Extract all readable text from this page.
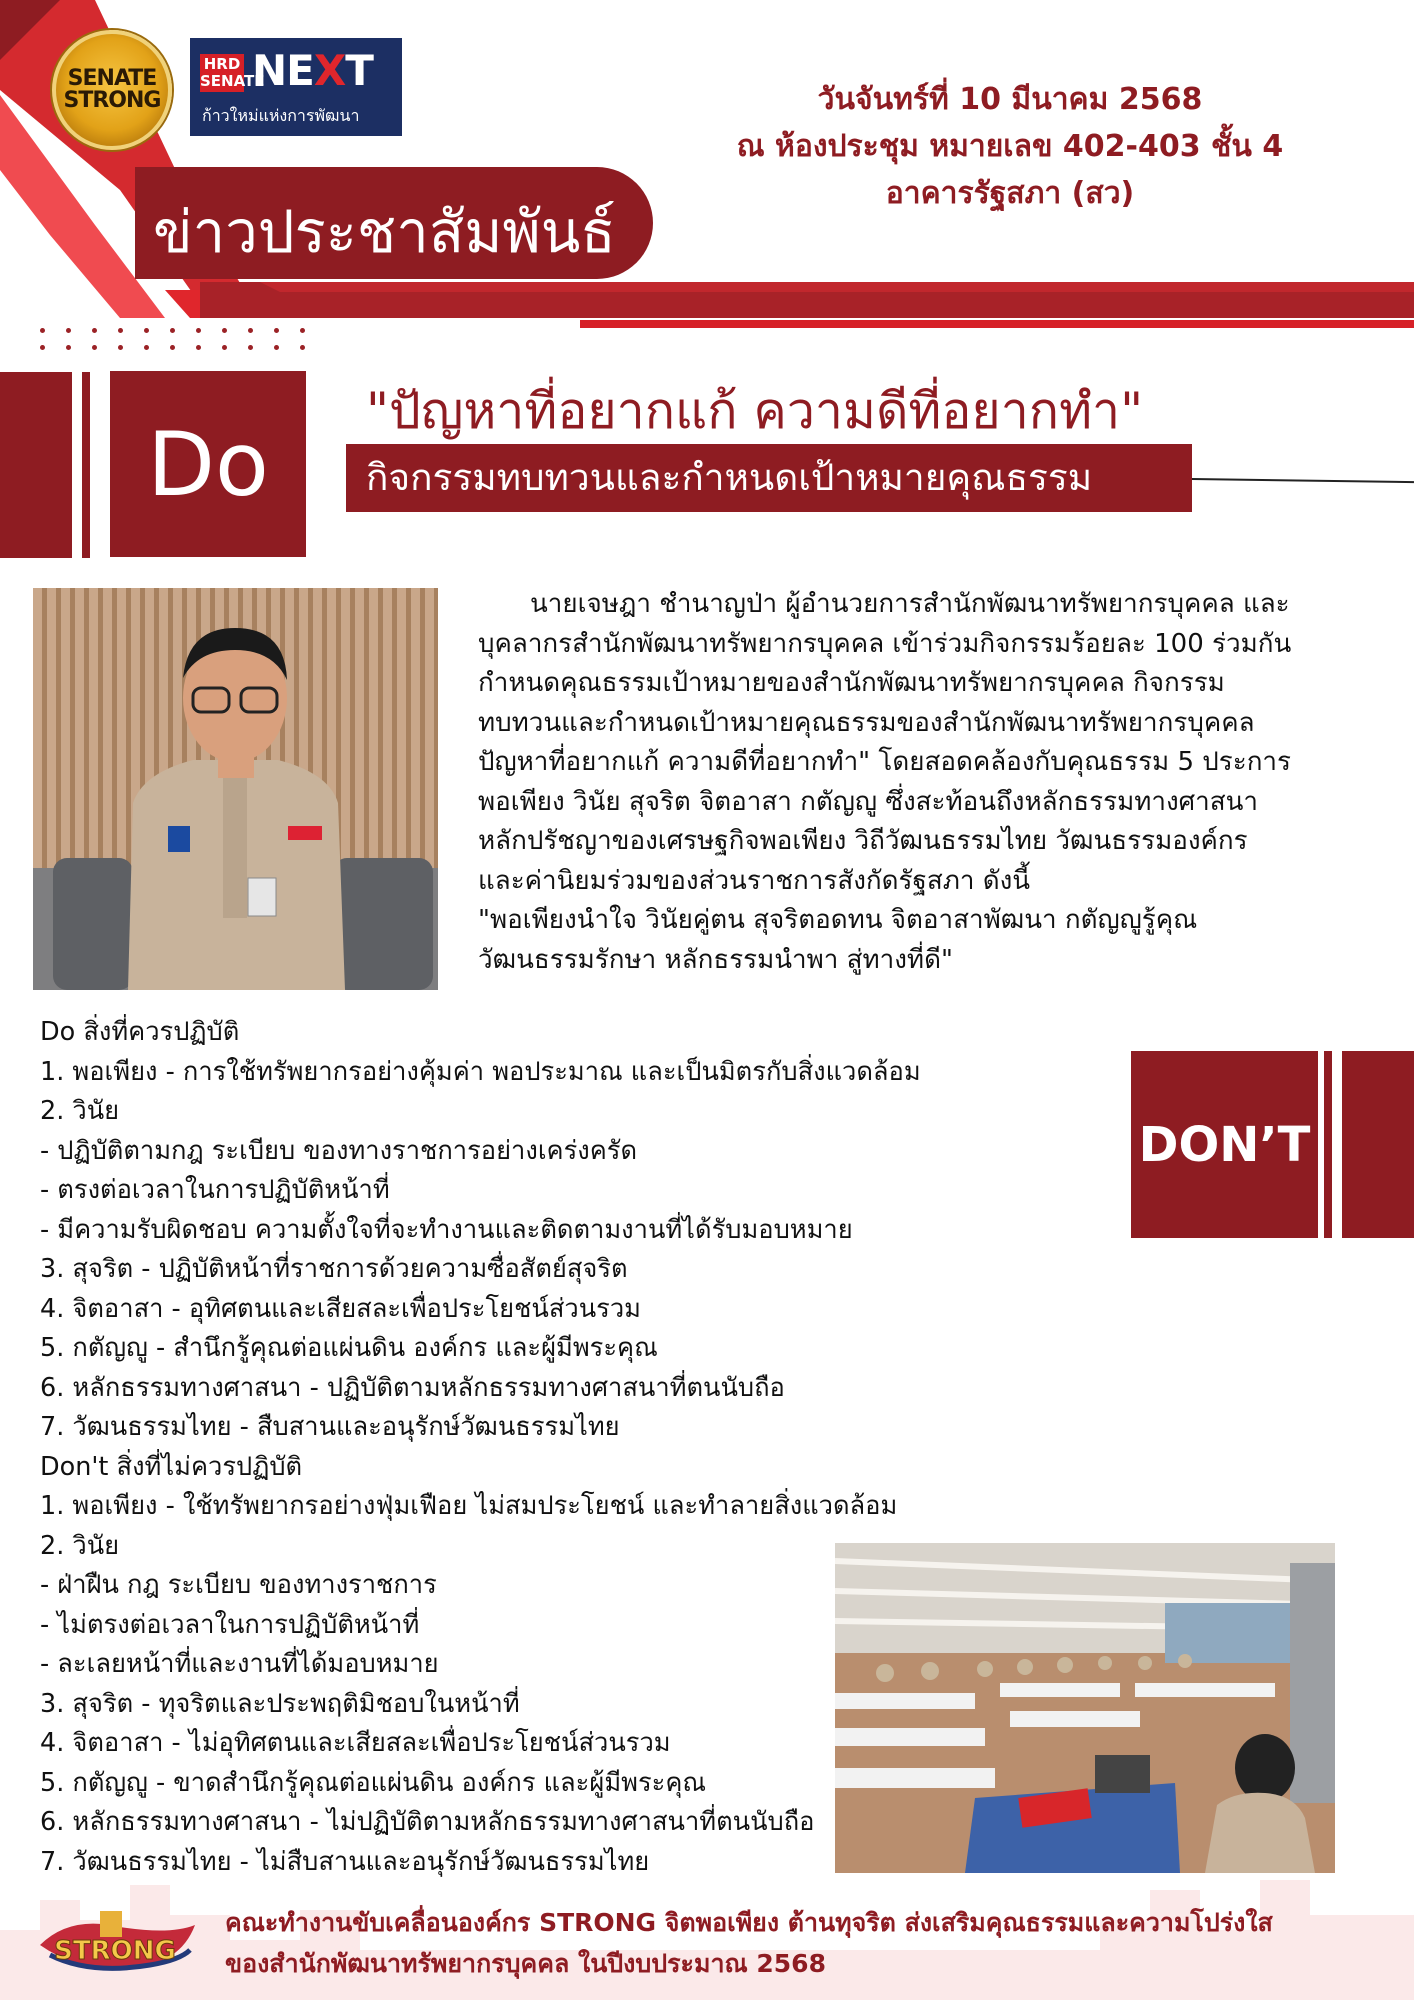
SENATE
STRONG
HRD SENATE
NEXT
ก้าวใหม่แห่งการพัฒนา
ข่าวประชาสัมพันธ์
วันจันทร์ที่ 10 มีนาคม 2568
ณ ห้องประชุม หมายเลข 402-403 ชั้น 4
อาคารรัฐสภา (สว)
Do
"ปัญหาที่อยากแก้ ความดีที่อยากทำ"
กิจกรรมทบทวนและกำหนดเป้าหมายคุณธรรม

นายเจษฎา ชำนาญป่า ผู้อำนวยการสำนักพัฒนาทรัพยากรบุคคล และ

บุคลากรสำนักพัฒนาทรัพยากรบุคคล เข้าร่วมกิจกรรมร้อยละ 100 ร่วมกัน

กำหนดคุณธรรมเป้าหมายของสำนักพัฒนาทรัพยากรบุคคล กิจกรรม

ทบทวนและกำหนดเป้าหมายคุณธรรมของสำนักพัฒนาทรัพยากรบุคคล

ปัญหาที่อยากแก้ ความดีที่อยากทำ" โดยสอดคล้องกับคุณธรรม 5 ประการ

พอเพียง วินัย สุจริต จิตอาสา กตัญญู ซึ่งสะท้อนถึงหลักธรรมทางศาสนา

หลักปรัชญาของเศรษฐกิจพอเพียง วิถีวัฒนธรรมไทย วัฒนธรรมองค์กร

และค่านิยมร่วมของส่วนราชการสังกัดรัฐสภา ดังนี้

"พอเพียงนำใจ วินัยคู่ตน สุจริตอดทน จิตอาสาพัฒนา กตัญญูรู้คุณ

วัฒนธรรมรักษา หลักธรรมนำพา สู่ทางที่ดี"

DON’T
Do สิ่งที่ควรปฏิบัติ
1. พอเพียง - การใช้ทรัพยากรอย่างคุ้มค่า พอประมาณ และเป็นมิตรกับสิ่งแวดล้อม
2. วินัย
- ปฏิบัติตามกฎ ระเบียบ ของทางราชการอย่างเคร่งครัด
- ตรงต่อเวลาในการปฏิบัติหน้าที่
- มีความรับผิดชอบ ความตั้งใจที่จะทำงานและติดตามงานที่ได้รับมอบหมาย
3. สุจริต - ปฏิบัติหน้าที่ราชการด้วยความซื่อสัตย์สุจริต
4. จิตอาสา - อุทิศตนและเสียสละเพื่อประโยชน์ส่วนรวม
5. กตัญญู - สำนึกรู้คุณต่อแผ่นดิน องค์กร และผู้มีพระคุณ
6. หลักธรรมทางศาสนา - ปฏิบัติตามหลักธรรมทางศาสนาที่ตนนับถือ
7. วัฒนธรรมไทย - สืบสานและอนุรักษ์วัฒนธรรมไทย
Don't สิ่งที่ไม่ควรปฏิบัติ
1. พอเพียง - ใช้ทรัพยากรอย่างฟุ่มเฟือย ไม่สมประโยชน์ และทำลายสิ่งแวดล้อม
2. วินัย
- ฝ่าฝืน กฎ ระเบียบ ของทางราชการ
- ไม่ตรงต่อเวลาในการปฏิบัติหน้าที่
- ละเลยหน้าที่และงานที่ได้มอบหมาย
3. สุจริต - ทุจริตและประพฤติมิชอบในหน้าที่
4. จิตอาสา - ไม่อุทิศตนและเสียสละเพื่อประโยชน์ส่วนรวม
5. กตัญญู - ขาดสำนึกรู้คุณต่อแผ่นดิน องค์กร และผู้มีพระคุณ
6. หลักธรรมทางศาสนา - ไม่ปฏิบัติตามหลักธรรมทางศาสนาที่ตนนับถือ
7. วัฒนธรรมไทย - ไม่สืบสานและอนุรักษ์วัฒนธรรมไทย
STRONG
คณะทำงานขับเคลื่อนองค์กร STRONG จิตพอเพียง ต้านทุจริต ส่งเสริมคุณธรรมและความโปร่งใส
ของสำนักพัฒนาทรัพยากรบุคคล ในปีงบประมาณ 2568
